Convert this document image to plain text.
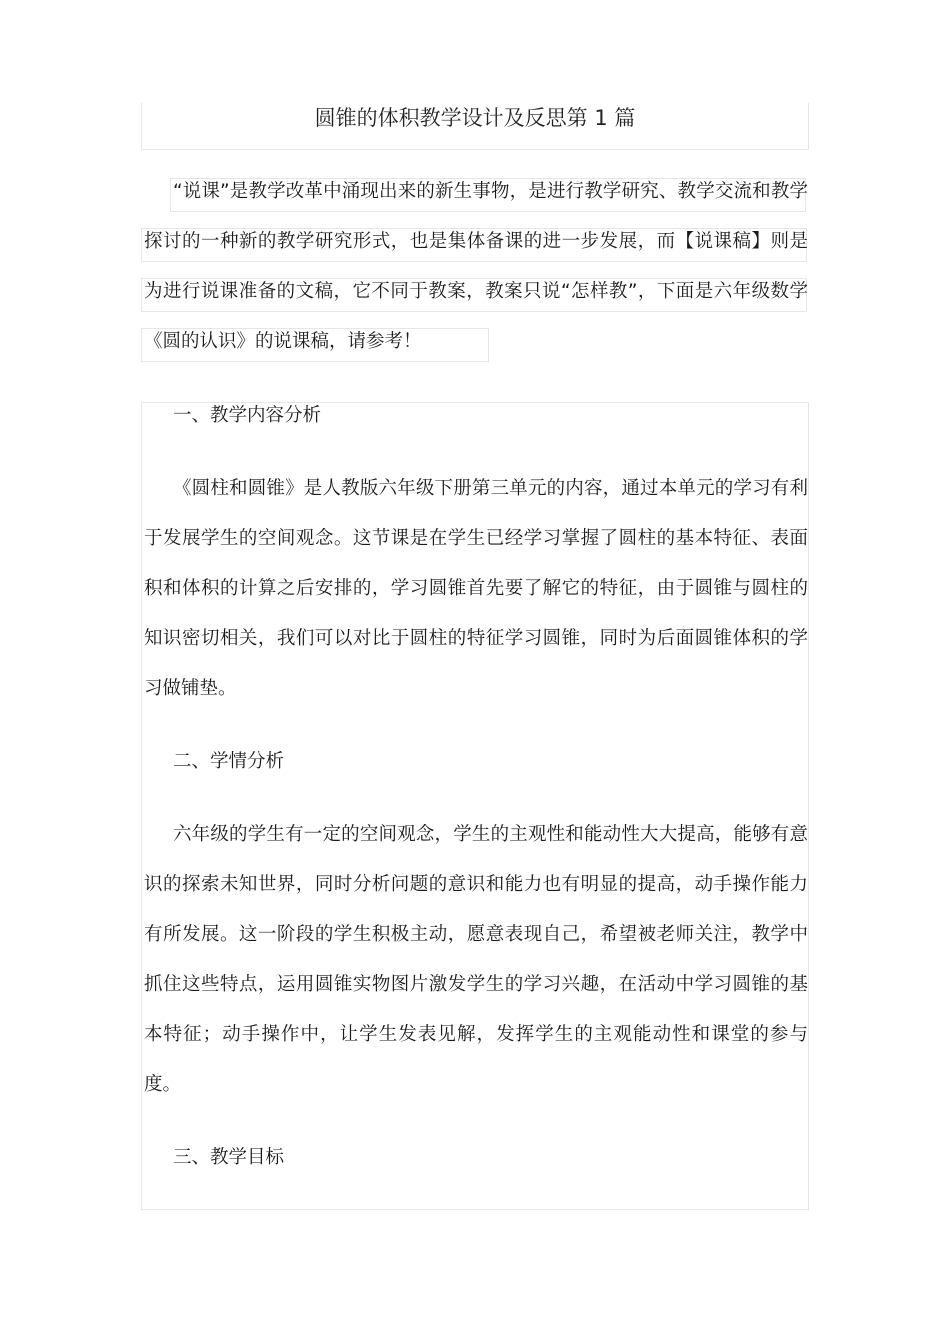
圆锥的体积教学设计及反思第 1 篇

“说课”是教学改革中涌现出来的新生事物，是进行教学研究、教学交流和教学探讨的一种新的教学研究形式，也是集体备课的进一步发展，而【说课稿】则是为进行说课准备的文稿，它不同于教案，教案只说“怎样教”，下面是六年级数学《圆的认识》的说课稿，请参考！

一、教学内容分析

《圆柱和圆锥》是人教版六年级下册第三单元的内容，通过本单元的学习有利于发展学生的空间观念。这节课是在学生已经学习掌握了圆柱的基本特征、表面积和体积的计算之后安排的，学习圆锥首先要了解它的特征，由于圆锥与圆柱的知识密切相关，我们可以对比于圆柱的特征学习圆锥，同时为后面圆锥体积的学习做铺垫。

二、学情分析

六年级的学生有一定的空间观念，学生的主观性和能动性大大提高，能够有意识的探索未知世界，同时分析问题的意识和能力也有明显的提高，动手操作能力有所发展。这一阶段的学生积极主动，愿意表现自己，希望被老师关注，教学中抓住这些特点，运用圆锥实物图片激发学生的学习兴趣，在活动中学习圆锥的基本特征；动手操作中，让学生发表见解，发挥学生的主观能动性和课堂的参与度。

三、教学目标
